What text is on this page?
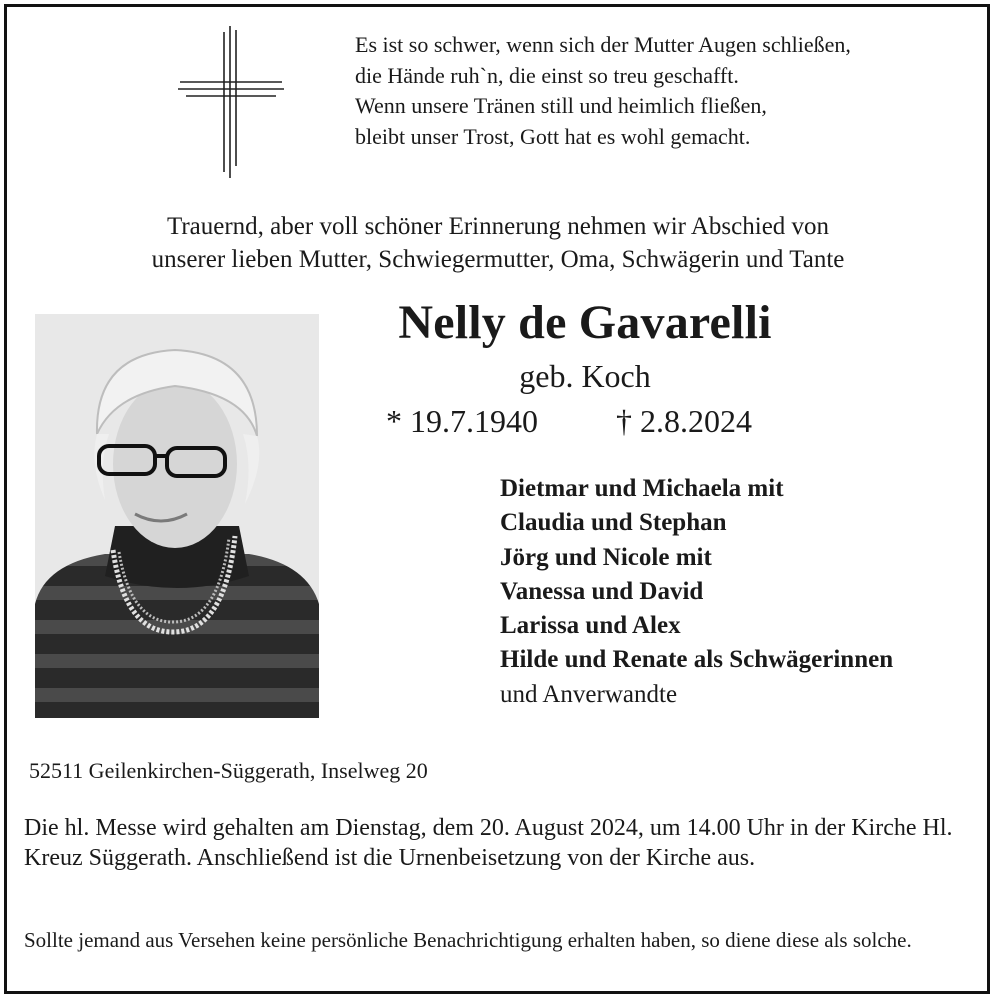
Es ist so schwer, wenn sich der Mutter Augen schließen,
die Hände ruh`n, die einst so treu geschafft.
Wenn unsere Tränen still und heimlich fließen,
bleibt unser Trost, Gott hat es wohl gemacht.
Trauernd, aber voll schöner Erinnerung nehmen wir Abschied von
unserer lieben Mutter, Schwiegermutter, Oma, Schwägerin und Tante
Nelly de Gavarelli
geb. Koch
* 19.7.1940 † 2.8.2024
Dietmar und Michaela mit
Claudia und Stephan
Jörg und Nicole mit
Vanessa und David
Larissa und Alex
Hilde und Renate als Schwägerinnen
und Anverwandte
52511 Geilenkirchen-Süggerath, Inselweg 20
Die hl. Messe wird gehalten am Dienstag, dem 20. August 2024, um 14.00 Uhr in der Kirche Hl. Kreuz Süggerath. Anschließend ist die Urnenbeisetzung von der Kirche aus.
Sollte jemand aus Versehen keine persönliche Benachrichtigung erhalten haben, so diene diese als solche.
